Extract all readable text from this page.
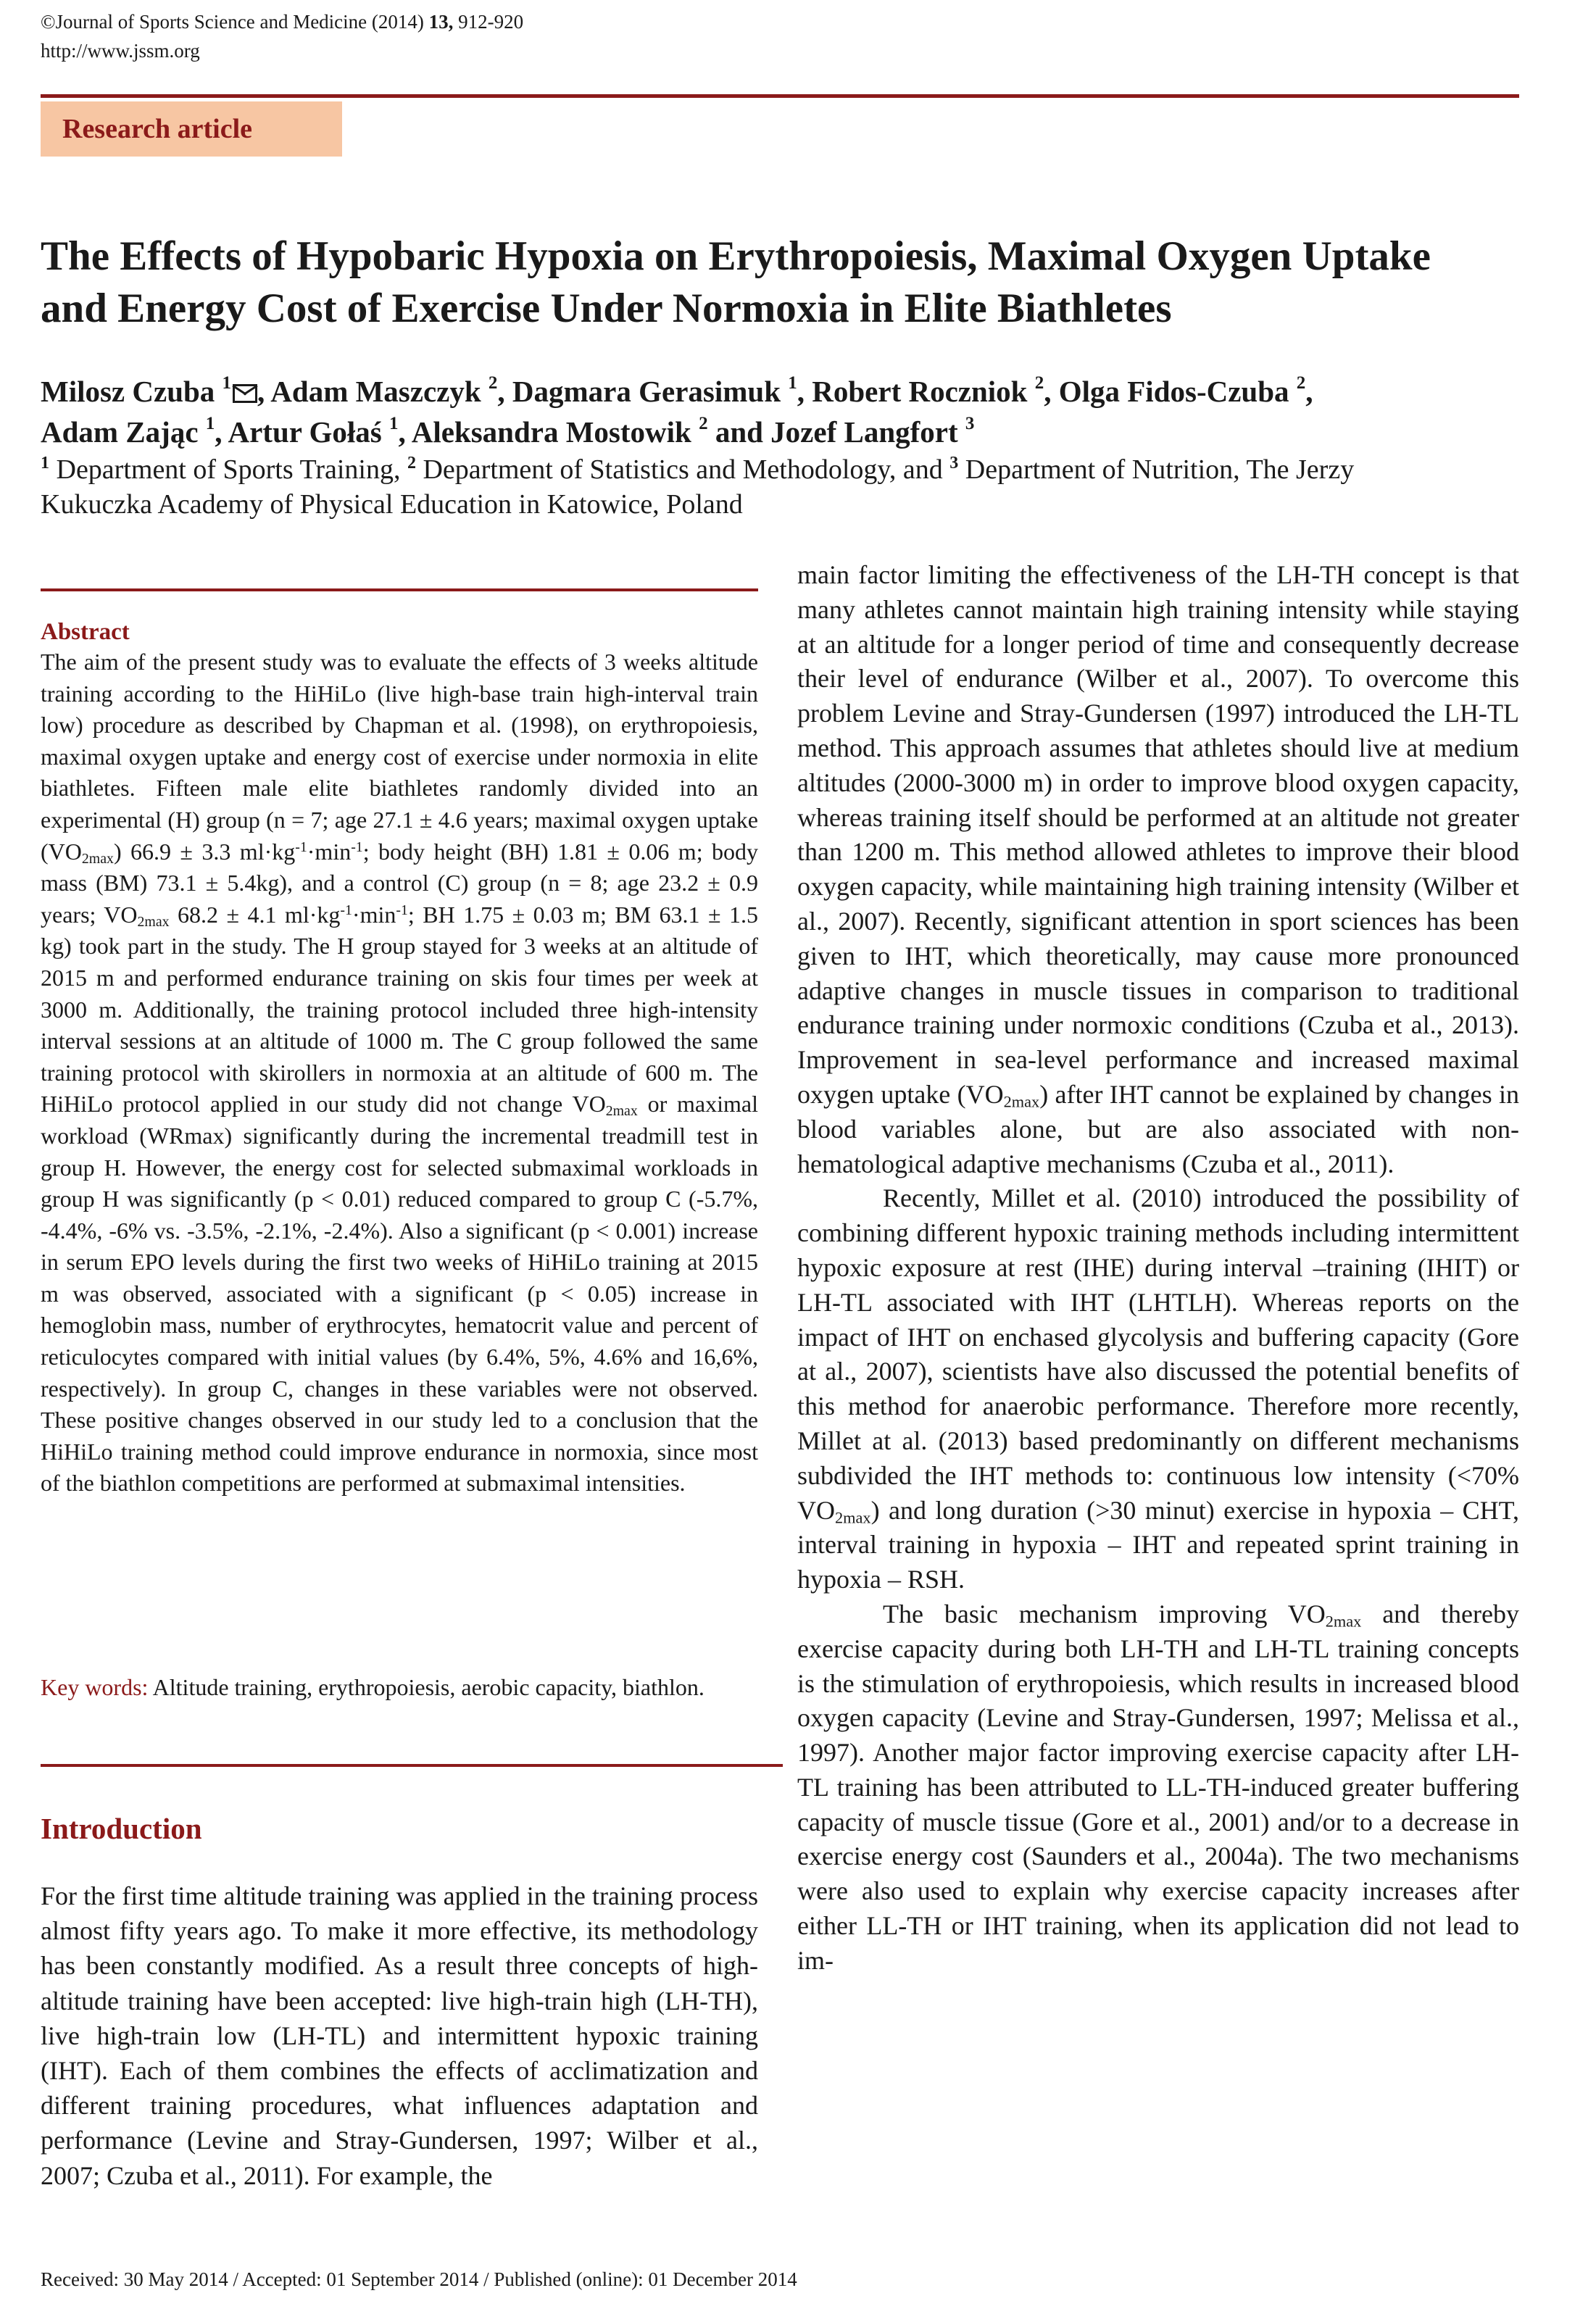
©Journal of Sports Science and Medicine (2014) 13, 912-920
http://www.jssm.org
Research article
The Effects of Hypobaric Hypoxia on Erythropoiesis, Maximal Oxygen Uptake
and Energy Cost of Exercise Under Normoxia in Elite Biathletes
Milosz Czuba $^1$ , Adam Maszczyk $^2$, Dagmara Gerasimuk $^1$, Robert Roczniok $^2$, Olga Fidos-Czuba $^2$,
Adam Zając $^1$, Artur Gołaś $^1$, Aleksandra Mostowik $^2$ and Jozef Langfort $^3$
$^1$ Department of Sports Training, $^2$ Department of Statistics and Methodology, and $^3$ Department of Nutrition, The Jerzy
Kukuczka Academy of Physical Education in Katowice, Poland
Abstract

The aim of the present study was to evaluate the effects of 3 weeks altitude training according to the HiHiLo (live high-base train high-interval train low) procedure as described by Chapman et al. (1998), on erythropoiesis, maximal oxygen uptake and energy cost of exercise under normoxia in elite biathletes. Fifteen male elite biathletes randomly divided into an experimental (H) group (n = 7; age 27.1 ± 4.6 years; maximal oxygen uptake $(VO_{2max}) 66.9 \pm 3.3$ $ml\cdot kg^{-1}\cdot\min^{-1}$; body height (BH) 1.81 ± 0.06 m; body mass (BM) 73.1 ± 5.4kg), and a control (C) group (n = 8; age 23.2 ± 0.9 years; $VO_{2max}$ 68.2 ± 4.1 $ml\cdot kg^{-1}\cdot\min^{-1}$; BH 1.75 ± 0.03 m; BM 63.1 ± 1.5 kg) took part in the study. The H group stayed for 3 weeks at an altitude of 2015 m and performed endurance training on skis four times per week at 3000 m. Additionally, the training protocol included three high-intensity interval sessions at an altitude of 1000 m. The C group followed the same training protocol with skirollers in normoxia at an altitude of 600 m. The HiHiLo protocol applied in our study did not change $VO_{2max}$ or maximal workload (WRmax) significantly during the incremental treadmill test in group H. However, the energy cost for selected submaximal workloads in group H was significantly (p < 0.01) reduced compared to group C (-5.7%, -4.4%, -6% vs. -3.5%, -2.1%, -2.4%). Also a significant (p < 0.001) increase in serum EPO levels during the first two weeks of HiHiLo training at 2015 m was observed, associated with a significant (p < 0.05) increase in hemoglobin mass, number of erythrocytes, hematocrit value and percent of reticulocytes compared with initial values (by 6.4%, 5%, 4.6% and 16,6%, respectively). In group C, changes in these variables were not observed. These positive changes observed in our study led to a conclusion that the HiHiLo training method could improve endurance in normoxia, since most of the biathlon competitions are performed at submaximal intensities.

Key words: Altitude training, erythropoiesis, aerobic capacity, biathlon.
Introduction
For the first time altitude training was applied in the training process almost fifty years ago. To make it more effective, its methodology has been constantly modified. As a result three concepts of high-altitude training have been accepted: live high-train high (LH-TH), live high-train low (LH-TL) and intermittent hypoxic training (IHT). Each of them combines the effects of acclimatization and different training procedures, what influences adaptation and performance (Levine and Stray-Gundersen, 1997; Wilber et al., 2007; Czuba et al., 2011). For example, the

main factor limiting the effectiveness of the LH-TH concept is that many athletes cannot maintain high training intensity while staying at an altitude for a longer period of time and consequently decrease their level of endurance (Wilber et al., 2007). To overcome this problem Levine and Stray-Gundersen (1997) introduced the LH-TL method. This approach assumes that athletes should live at medium altitudes (2000-3000 m) in order to improve blood oxygen capacity, whereas training itself should be performed at an altitude not greater than 1200 m. This method allowed athletes to improve their blood oxygen capacity, while maintaining high training intensity (Wilber et al., 2007). Recently, significant attention in sport sciences has been given to IHT, which theoretically, may cause more pronounced adaptive changes in muscle tissues in comparison to traditional endurance training under normoxic conditions (Czuba et al., 2013). Improvement in sea-level performance and increased maximal oxygen uptake $(VO_{2max})$ after IHT cannot be explained by changes in blood variables alone, but are also associated with non-hematological adaptive mechanisms (Czuba et al., 2011).

Recently, Millet et al. (2010) introduced the possibility of combining different hypoxic training methods including intermittent hypoxic exposure at rest (IHE) during interval –training (IHIT) or LH-TL associated with IHT (LHTLH). Whereas reports on the impact of IHT on enchased glycolysis and buffering capacity (Gore at al., 2007), scientists have also discussed the potential benefits of this method for anaerobic performance. Therefore more recently, Millet at al. (2013) based predominantly on different mechanisms subdivided the IHT methods to: continuous low intensity (<70% $VO_{2max}$) and long duration (>30 minut) exercise in hypoxia – CHT, interval training in hypoxia – IHT and repeated sprint training in hypoxia – RSH.

The basic mechanism improving $VO_{2max}$ and thereby exercise capacity during both LH-TH and LH-TL training concepts is the stimulation of erythropoiesis, which results in increased blood oxygen capacity (Levine and Stray-Gundersen, 1997; Melissa et al., 1997). Another major factor improving exercise capacity after LH-TL training has been attributed to LL-TH-induced greater buffering capacity of muscle tissue (Gore et al., 2001) and/or to a decrease in exercise energy cost (Saunders et al., 2004a). The two mechanisms were also used to explain why exercise capacity increases after either LL-TH or IHT training, when its application did not lead to im-

Received: 30 May 2014 / Accepted: 01 September 2014 / Published (online): 01 December 2014
